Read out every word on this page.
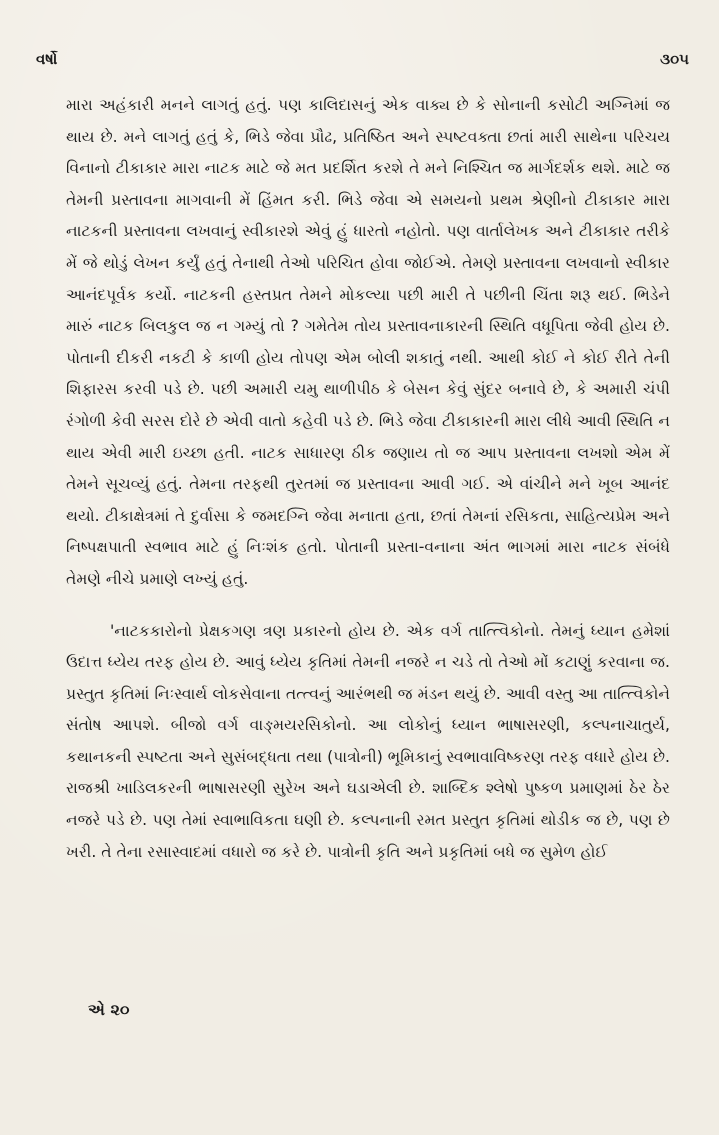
વર્ષો	૩૦૫

મારા અહંકારી મનને લાગતું હતું. પણ કાલિદાસનું એક વાક્ય છે કે સોનાની કસોટી અગ્નિમાં જ થાય છે. મને લાગતું હતું કે, ભિડે જેવા પ્રૌઢ, પ્રતિષ્ઠિત અને સ્પષ્ટવક્તા છતાં મારી સાથેના પરિચય વિનાનો ટીકાકાર મારા નાટક માટે જે મત પ્રદર્શિત કરશે તે મને નિશ્ચિત જ માર્ગદર્શક થશે. માટે જ તેમની પ્રસ્તાવના માગવાની મેં હિંમત કરી. ભિડે જેવા એ સમયનો પ્રથમ શ્રેણીનો ટીકાકાર મારા નાટકની પ્રસ્તાવના લખવાનું સ્વીકારશે એવું હું ધારતો નહોતો. પણ વાર્તાલેખક અને ટીકાકાર તરીકે મેં જે થોડું લેખન કર્યું હતું તેનાથી તેઓ પરિચિત હોવા જોઈએ. તેમણે પ્રસ્તાવના લખવાનો સ્વીકાર આનંદપૂર્વક કર્યો. નાટકની હસ્તપ્રત તેમને મોકલ્યા પછી મારી તે પછીની ચિંતા શરૂ થઈ. ભિડેને મારું નાટક બિલકુલ જ ન ગમ્યું તો ? ગમેતેમ તોય પ્રસ્તાવનાકારની સ્થિતિ વધૂપિતા જેવી હોય છે. પોતાની દીકરી નકટી કે કાળી હોય તોપણ એમ બોલી શકાતું નથી. આથી કોઈ ને કોઈ રીતે તેની શિફારસ કરવી પડે છે. પછી અમારી યમુ થાળીપીઠ કે બેસન કેવું સુંદર બનાવે છે, કે અમારી ચંપી રંગોળી કેવી સરસ દોરે છે એવી વાતો કહેવી પડે છે. ભિડે જેવા ટીકાકારની મારા લીધે આવી સ્થિતિ ન થાય એવી મારી ઇચ્છા હતી. નાટક સાધારણ ઠીક જણાય તો જ આપ પ્રસ્તાવના લખશો એમ મેં તેમને સૂચવ્યું હતું. તેમના તરફથી તુરતમાં જ પ્રસ્તાવના આવી ગઈ. એ વાંચીને મને ખૂબ આનંદ થયો. ટીકાક્ષેત્રમાં તે દુર્વાસા કે જમદગ્નિ જેવા મનાતા હતા, છતાં તેમનાં રસિકતા, સાહિત્યપ્રેમ અને નિષ્પક્ષપાતી સ્વભાવ માટે હું નિઃશંક હતો. પોતાની પ્રસ્તા-વનાના અંત ભાગમાં મારા નાટક સંબંધે તેમણે નીચે પ્રમાણે લખ્યું હતું.

'નાટકકારોનો પ્રેક્ષકગણ ત્રણ પ્રકારનો હોય છે. એક વર્ગ તાત્ત્વિકોનો. તેમનું ધ્યાન હમેશાં ઉદાત્ત ધ્યેય તરફ હોય છે. આવું ધ્યેય કૃતિમાં તેમની નજરે ન ચડે તો તેઓ મોં કટાણું કરવાના જ. પ્રસ્તુત કૃતિમાં નિઃસ્વાર્થ લોકસેવાના તત્ત્વનું આરંભથી જ મંડન થયું છે. આવી વસ્તુ આ તાત્ત્વિકોને સંતોષ આપશે. બીજો વર્ગ વાઙ્મયરસિકોનો. આ લોકોનું ધ્યાન ભાષાસરણી, કલ્પનાચાતુર્ય, કથાનકની સ્પષ્ટતા અને સુસંબદ્ધતા તથા (પાત્રોની) ભૂમિકાનું સ્વભાવાવિષ્કરણ તરફ વધારે હોય છે. રાજશ્રી ખાડિલકરની ભાષાસરણી સુરેખ અને ઘડાએલી છે. શાબ્દિક શ્લેષો પુષ્કળ પ્રમાણમાં ઠેર ઠેર નજરે પડે છે. પણ તેમાં સ્વાભાવિકતા ઘણી છે. કલ્પનાની રમત પ્રસ્તુત કૃતિમાં થોડીક જ છે, પણ છે ખરી. તે તેના રસાસ્વાદમાં વધારો જ કરે છે. પાત્રોની કૃતિ અને પ્રકૃતિમાં બધે જ સુમેળ હોઈ

એ ૨૦
